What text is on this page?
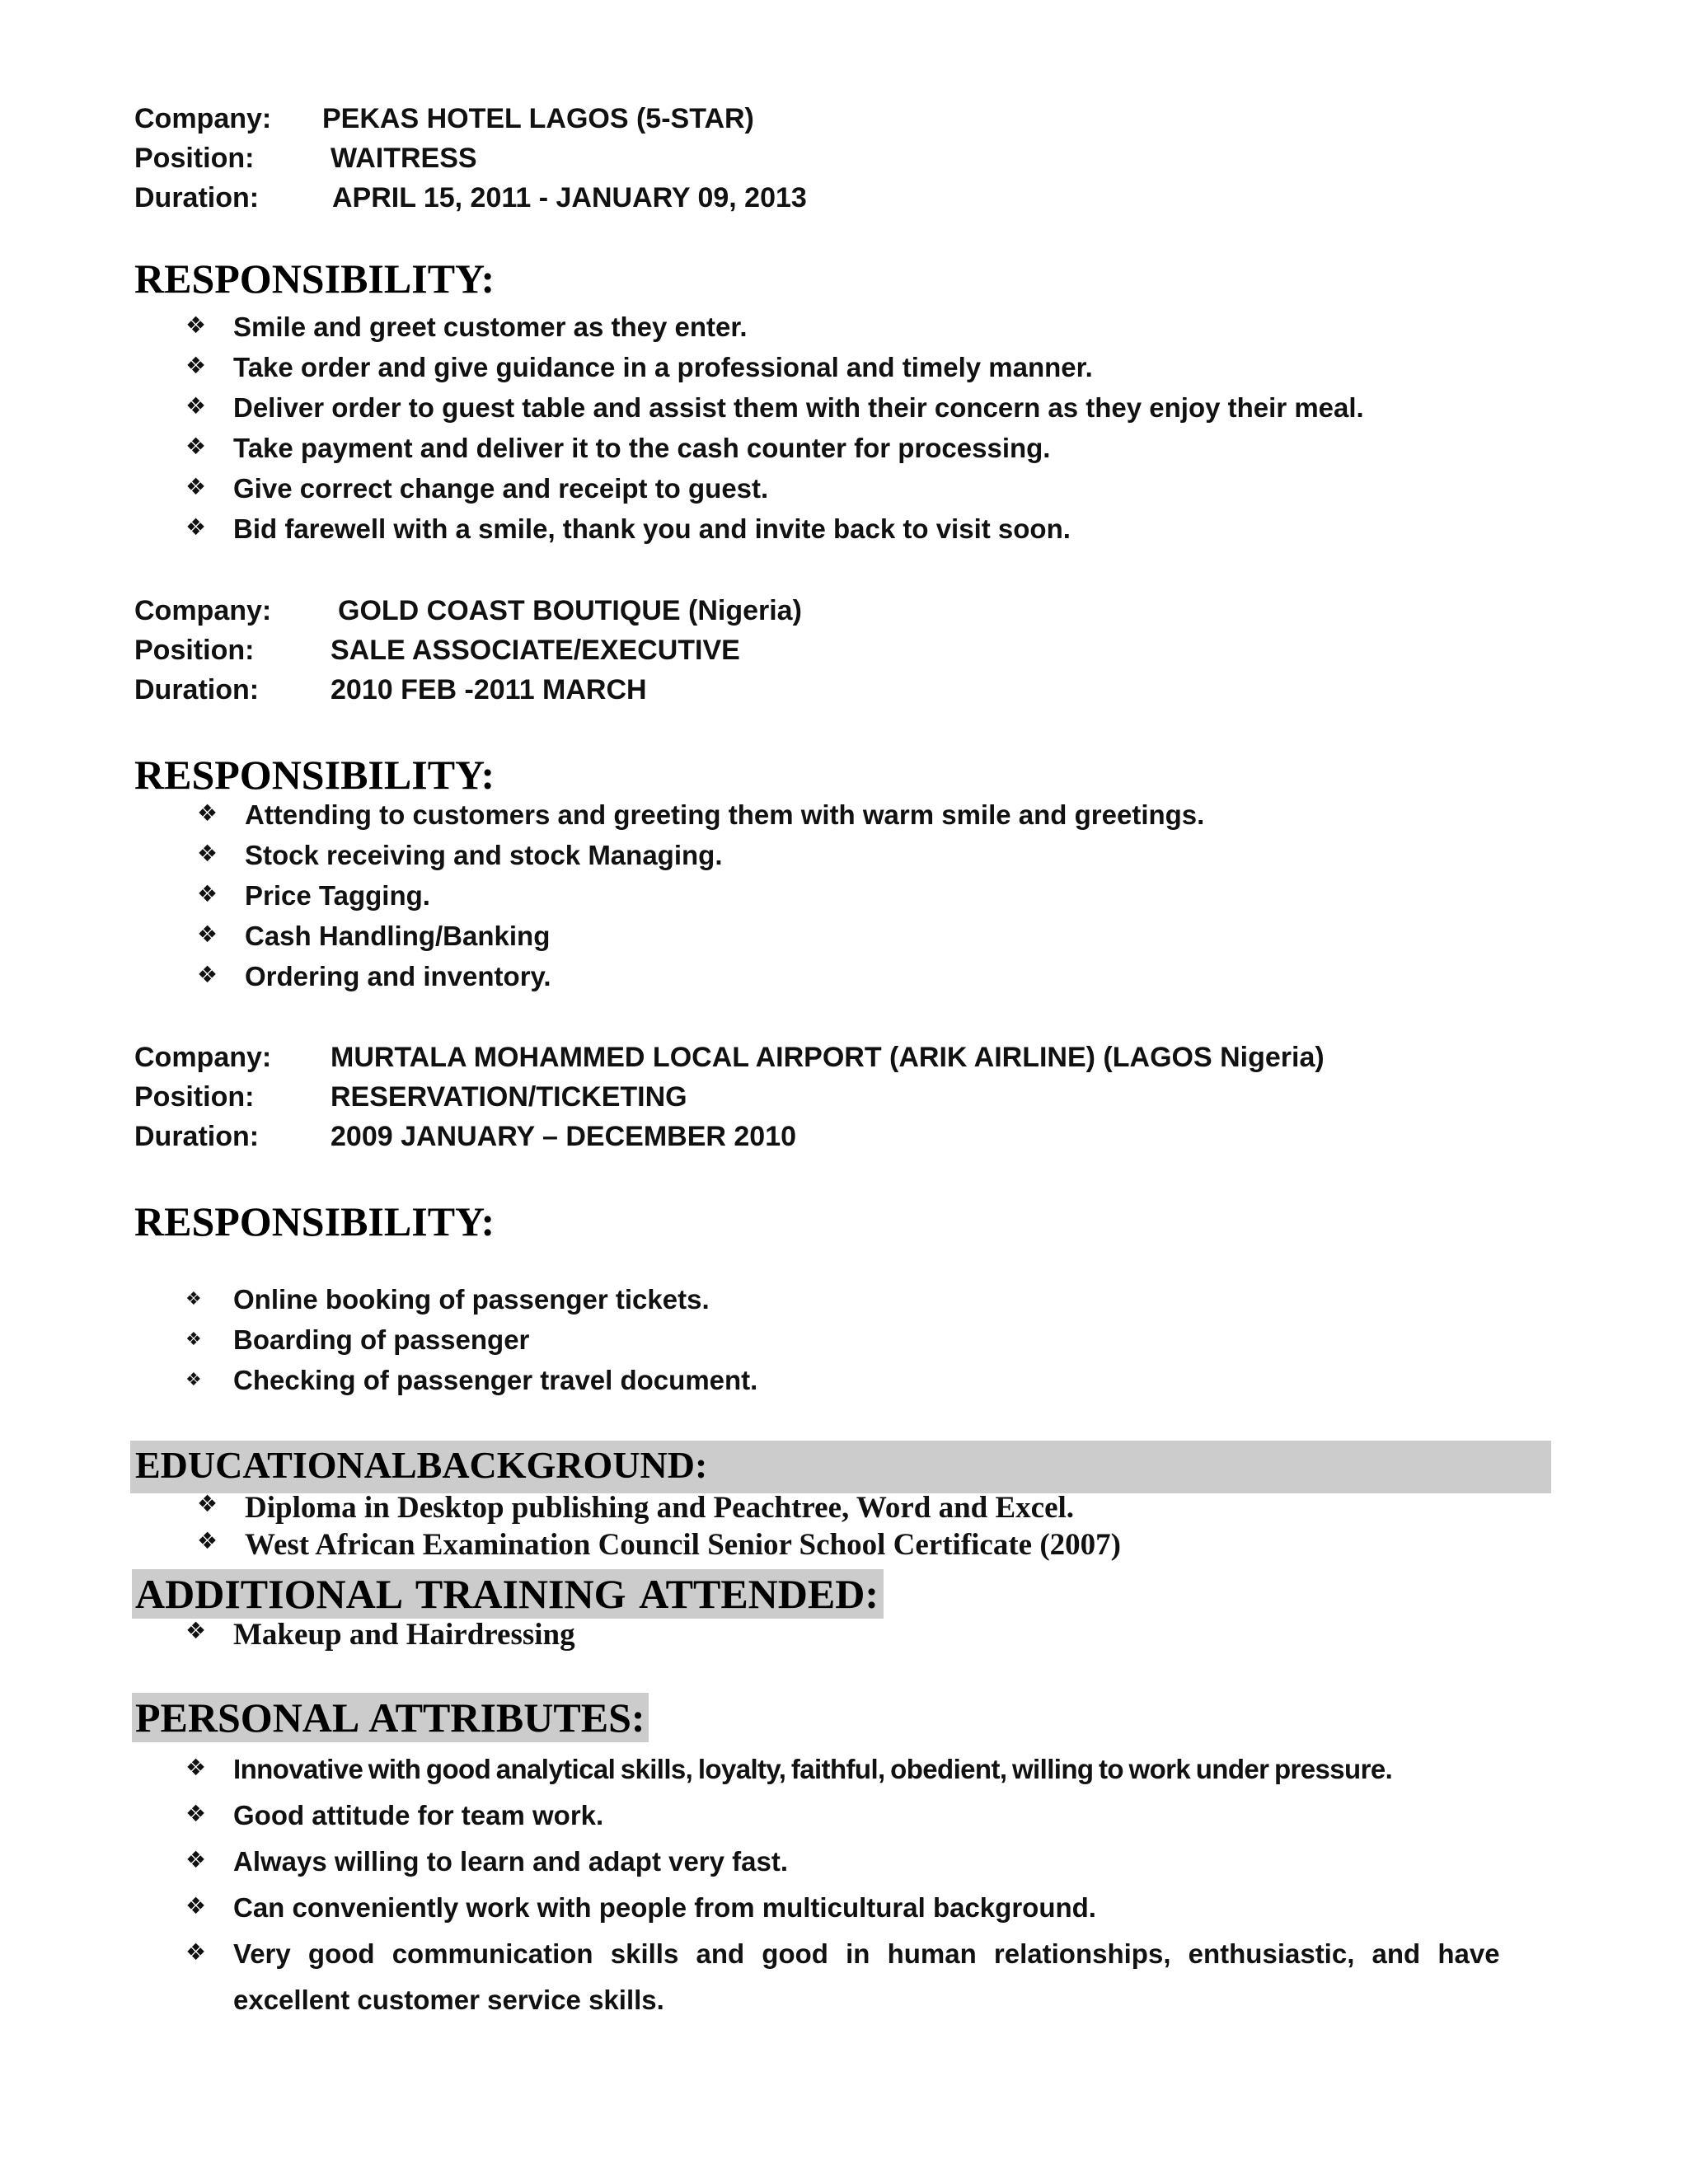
Company: PEKAS HOTEL LAGOS (5-STAR)
Position:	WAITRESS
Duration:	APRIL 15, 2011 - JANUARY 09, 2013
RESPONSIBILITY:
❖ Smile and greet customer as they enter.
❖ Take order and give guidance in a professional and timely manner.
❖ Deliver order to guest table and assist them with their concern as they enjoy their meal.
❖ Take payment and deliver it to the cash counter for processing.
❖ Give correct change and receipt to guest.
❖ Bid farewell with a smile, thank you and invite back to visit soon.
Company: GOLD COAST BOUTIQUE (Nigeria)
Position:	SALE ASSOCIATE/EXECUTIVE
Duration:	2010 FEB -2011 MARCH
RESPONSIBILITY:
❖ Attending to customers and greeting them with warm smile and greetings.
❖ Stock receiving and stock Managing.
❖ Price Tagging.
❖ Cash Handling/Banking
❖ Ordering and inventory.
Company: MURTALA MOHAMMED LOCAL AIRPORT (ARIK AIRLINE) (LAGOS Nigeria)
Position:	RESERVATION/TICKETING
Duration:	2009 JANUARY – DECEMBER 2010
RESPONSIBILITY:
❖ Online booking of passenger tickets.
❖ Boarding of passenger
❖ Checking of passenger travel document.
EDUCATIONALBACKGROUND:
❖ Diploma in Desktop publishing and Peachtree, Word and Excel.
❖ West African Examination Council Senior School Certificate (2007)
ADDITIONAL TRAINING ATTENDED:
❖ Makeup and Hairdressing
PERSONAL ATTRIBUTES:
❖ Innovative with good analytical skills, loyalty, faithful, obedient, willing to work under pressure.
❖ Good attitude for team work.
❖ Always willing to learn and adapt very fast.
❖ Can conveniently work with people from multicultural background.
❖ Very good communication skills and good in human relationships, enthusiastic, and have
excellent customer service skills.
